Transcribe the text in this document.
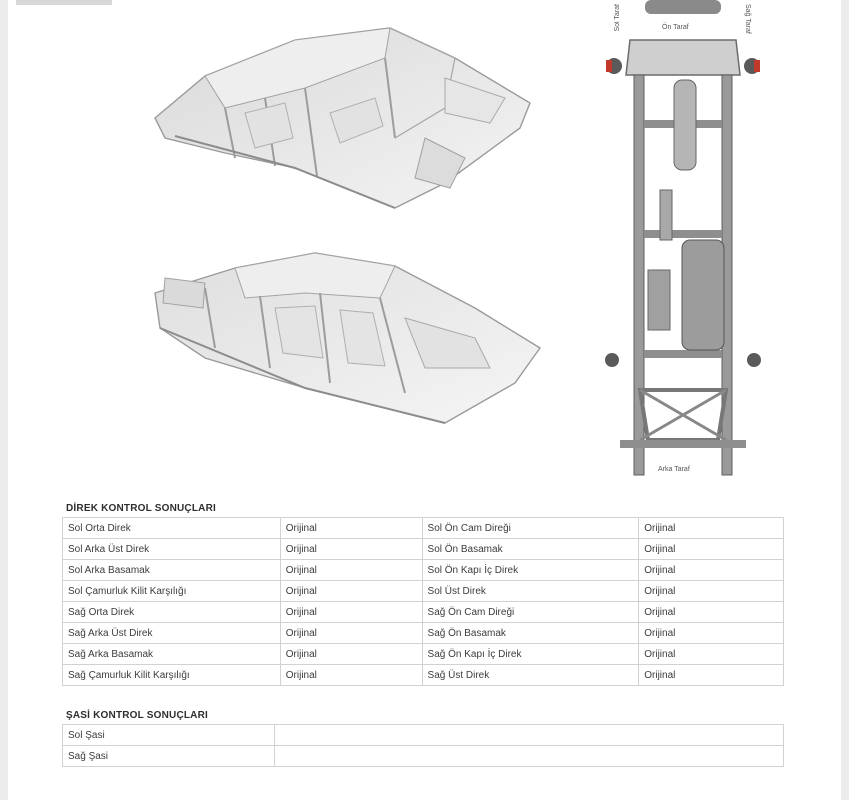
Ön Taraf
Arka Taraf
Sol Taraf	Sağ Taraf
DİREK KONTROL SONUÇLARI
Sol Orta Direk	Orijinal	Sol Ön Cam Direği	Orijinal
Sol Arka Üst Direk	Orijinal	Sol Ön Basamak	Orijinal
Sol Arka Basamak	Orijinal	Sol Ön Kapı İç Direk	Orijinal
Sol Çamurluk Kilit Karşılığı	Orijinal	Sol Üst Direk	Orijinal
Sağ Orta Direk	Orijinal	Sağ Ön Cam Direği	Orijinal
Sağ Arka Üst Direk	Orijinal	Sağ Ön Basamak	Orijinal
Sağ Arka Basamak	Orijinal	Sağ Ön Kapı İç Direk	Orijinal
Sağ Çamurluk Kilit Karşılığı	Orijinal	Sağ Üst Direk	Orijinal
ŞASİ KONTROL SONUÇLARI
Sol Şasi	
Sağ Şasi	
